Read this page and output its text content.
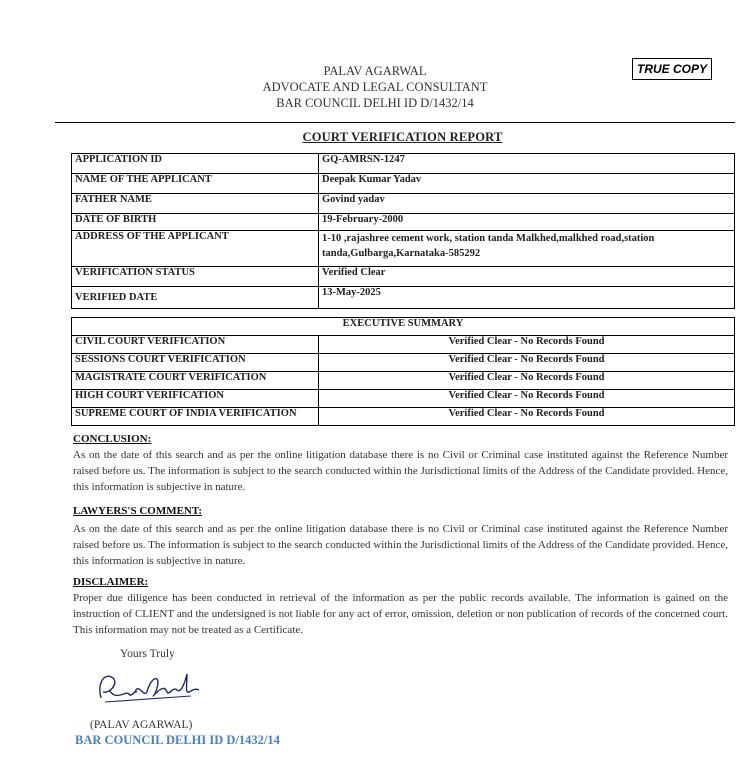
TRUE COPY
PALAV AGARWAL
ADVOCATE AND LEGAL CONSULTANT
BAR COUNCIL DELHI ID D/1432/14
COURT VERIFICATION REPORT
APPLICATION ID	GQ-AMRSN-1247
NAME OF THE APPLICANT	Deepak Kumar Yadav
FATHER NAME	Govind yadav
DATE OF BIRTH	19-February-2000
ADDRESS OF THE APPLICANT	1-10 ,rajashree cement work, station tanda Malkhed,malkhed road,station tanda,Gulbarga,Karnataka-585292
VERIFICATION STATUS	Verified Clear
VERIFIED DATE	13-May-2025
EXECUTIVE SUMMARY	
CIVIL COURT VERIFICATION	Verified Clear - No Records Found
SESSIONS COURT VERIFICATION	Verified Clear - No Records Found
MAGISTRATE COURT VERIFICATION	Verified Clear - No Records Found
HIGH COURT VERIFICATION	Verified Clear - No Records Found
SUPREME COURT OF INDIA VERIFICATION	Verified Clear - No Records Found
CONCLUSION:
As on the date of this search and as per the online litigation database there is no Civil or Criminal case instituted against the Reference Number raised before us. The information is subject to the search conducted within the Jurisdictional limits of the Address of the Candidate provided. Hence, this information is subjective in nature.
LAWYERS'S COMMENT:
As on the date of this search and as per the online litigation database there is no Civil or Criminal case instituted against the Reference Number raised before us. The information is subject to the search conducted within the Jurisdictional limits of the Address of the Candidate provided. Hence, this information is subjective in nature.
DISCLAIMER:
Proper due diligence has been conducted in retrieval of the information as per the public records available. The information is gained on the instruction of CLIENT and the undersigned is not liable for any act of error, omission, deletion or non publication of records of the concerned court. This information may not be treated as a Certificate.
Yours Truly
(PALAV AGARWAL)
BAR COUNCIL DELHI ID D/1432/14
